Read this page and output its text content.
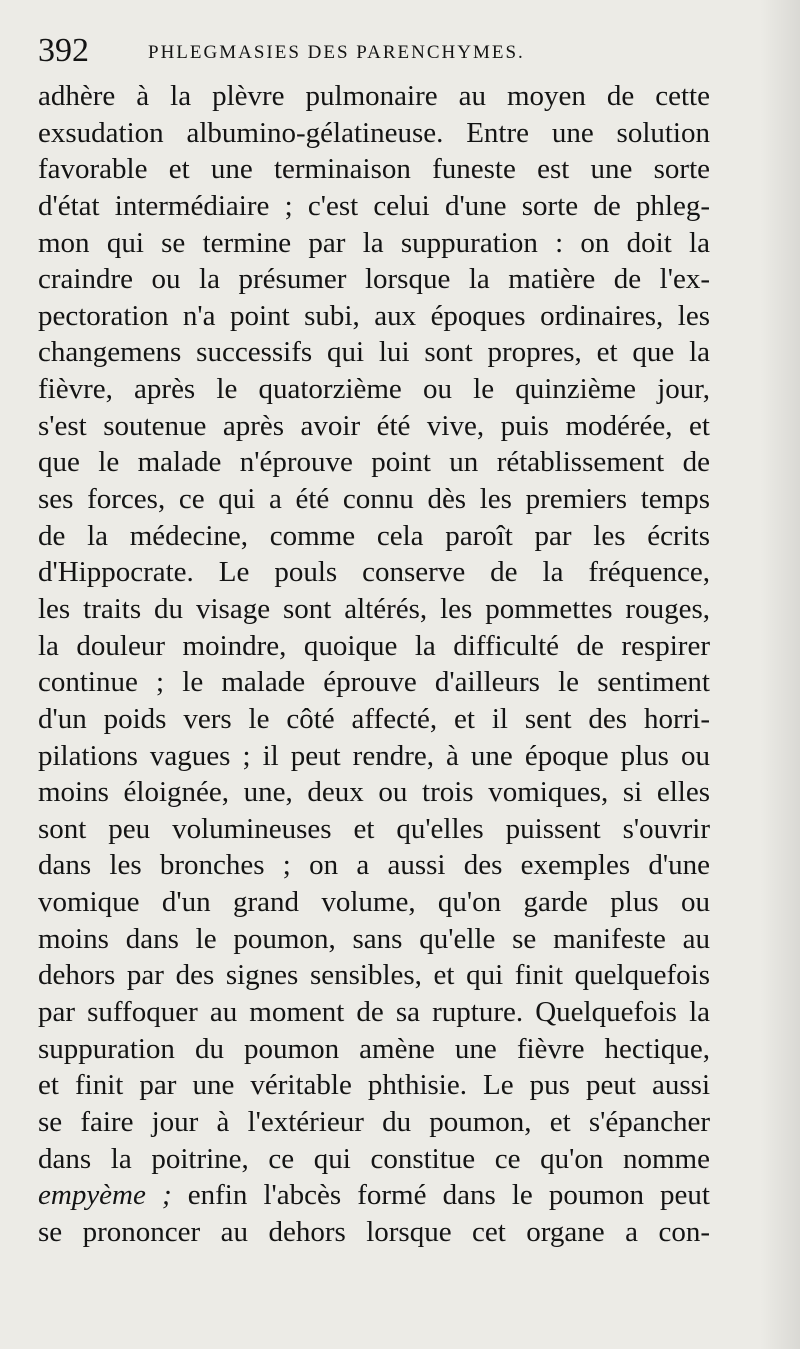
392	PHLEGMASIES DES PARENCHYMES.
adhère à la plèvre pulmonaire au moyen de cette
exsudation albumino-gélatineuse. Entre une solution
favorable et une terminaison funeste est une sorte
d'état intermédiaire ; c'est celui d'une sorte de phleg-
mon qui se termine par la suppuration : on doit la
craindre ou la présumer lorsque la matière de l'ex-
pectoration n'a point subi, aux époques ordinaires, les
changemens successifs qui lui sont propres, et que la
fièvre, après le quatorzième ou le quinzième jour,
s'est soutenue après avoir été vive, puis modérée, et
que le malade n'éprouve point un rétablissement de
ses forces, ce qui a été connu dès les premiers temps
de la médecine, comme cela paroît par les écrits
d'Hippocrate. Le pouls conserve de la fréquence,
les traits du visage sont altérés, les pommettes rouges,
la douleur moindre, quoique la difficulté de respirer
continue ; le malade éprouve d'ailleurs le sentiment
d'un poids vers le côté affecté, et il sent des horri-
pilations vagues ; il peut rendre, à une époque plus ou
moins éloignée, une, deux ou trois vomiques, si elles
sont peu volumineuses et qu'elles puissent s'ouvrir
dans les bronches ; on a aussi des exemples d'une
vomique d'un grand volume, qu'on garde plus ou
moins dans le poumon, sans qu'elle se manifeste au
dehors par des signes sensibles, et qui finit quelquefois
par suffoquer au moment de sa rupture. Quelquefois la
suppuration du poumon amène une fièvre hectique,
et finit par une véritable phthisie. Le pus peut aussi
se faire jour à l'extérieur du poumon, et s'épancher
dans la poitrine, ce qui constitue ce qu'on nomme
empyème ; enfin l'abcès formé dans le poumon peut
se prononcer au dehors lorsque cet organe a con-
